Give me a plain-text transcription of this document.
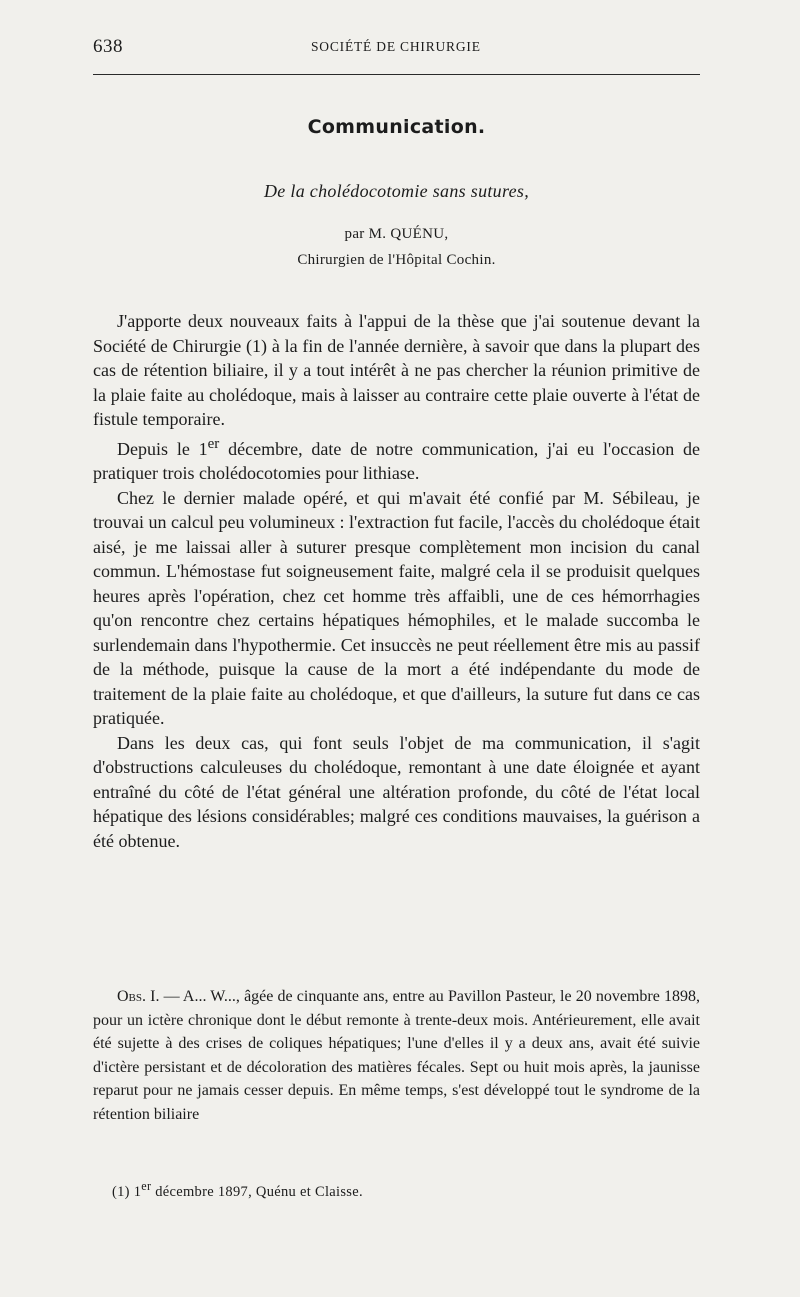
638	SOCIÉTÉ DE CHIRURGIE
Communication.
De la cholédocotomie sans sutures,
par M. QUÉNU,
Chirurgien de l'Hôpital Cochin.

J'apporte deux nouveaux faits à l'appui de la thèse que j'ai soutenue devant la Société de Chirurgie (1) à la fin de l'année dernière, à savoir que dans la plupart des cas de rétention biliaire, il y a tout intérêt à ne pas chercher la réunion primitive de la plaie faite au cholédoque, mais à laisser au contraire cette plaie ouverte à l'état de fistule temporaire.

Depuis le 1er décembre, date de notre communication, j'ai eu l'occasion de pratiquer trois cholédocotomies pour lithiase.

Chez le dernier malade opéré, et qui m'avait été confié par M. Sébileau, je trouvai un calcul peu volumineux : l'extraction fut facile, l'accès du cholédoque était aisé, je me laissai aller à suturer presque complètement mon incision du canal commun. L'hémostase fut soigneusement faite, malgré cela il se produisit quelques heures après l'opération, chez cet homme très affaibli, une de ces hémorrhagies qu'on rencontre chez certains hépatiques hémophiles, et le malade succomba le surlendemain dans l'hypothermie. Cet insuccès ne peut réellement être mis au passif de la méthode, puisque la cause de la mort a été indépendante du mode de traitement de la plaie faite au cholédoque, et que d'ailleurs, la suture fut dans ce cas pratiquée.

Dans les deux cas, qui font seuls l'objet de ma communication, il s'agit d'obstructions calculeuses du cholédoque, remontant à une date éloignée et ayant entraîné du côté de l'état général une altération profonde, du côté de l'état local hépatique des lésions considérables; malgré ces conditions mauvaises, la guérison a été obtenue.

Obs. I. — A... W..., âgée de cinquante ans, entre au Pavillon Pasteur, le 20 novembre 1898, pour un ictère chronique dont le début remonte à trente-deux mois. Antérieurement, elle avait été sujette à des crises de coliques hépatiques; l'une d'elles il y a deux ans, avait été suivie d'ictère persistant et de décoloration des matières fécales. Sept ou huit mois après, la jaunisse reparut pour ne jamais cesser depuis. En même temps, s'est développé tout le syndrome de la rétention biliaire

(1) 1er décembre 1897, Quénu et Claisse.
